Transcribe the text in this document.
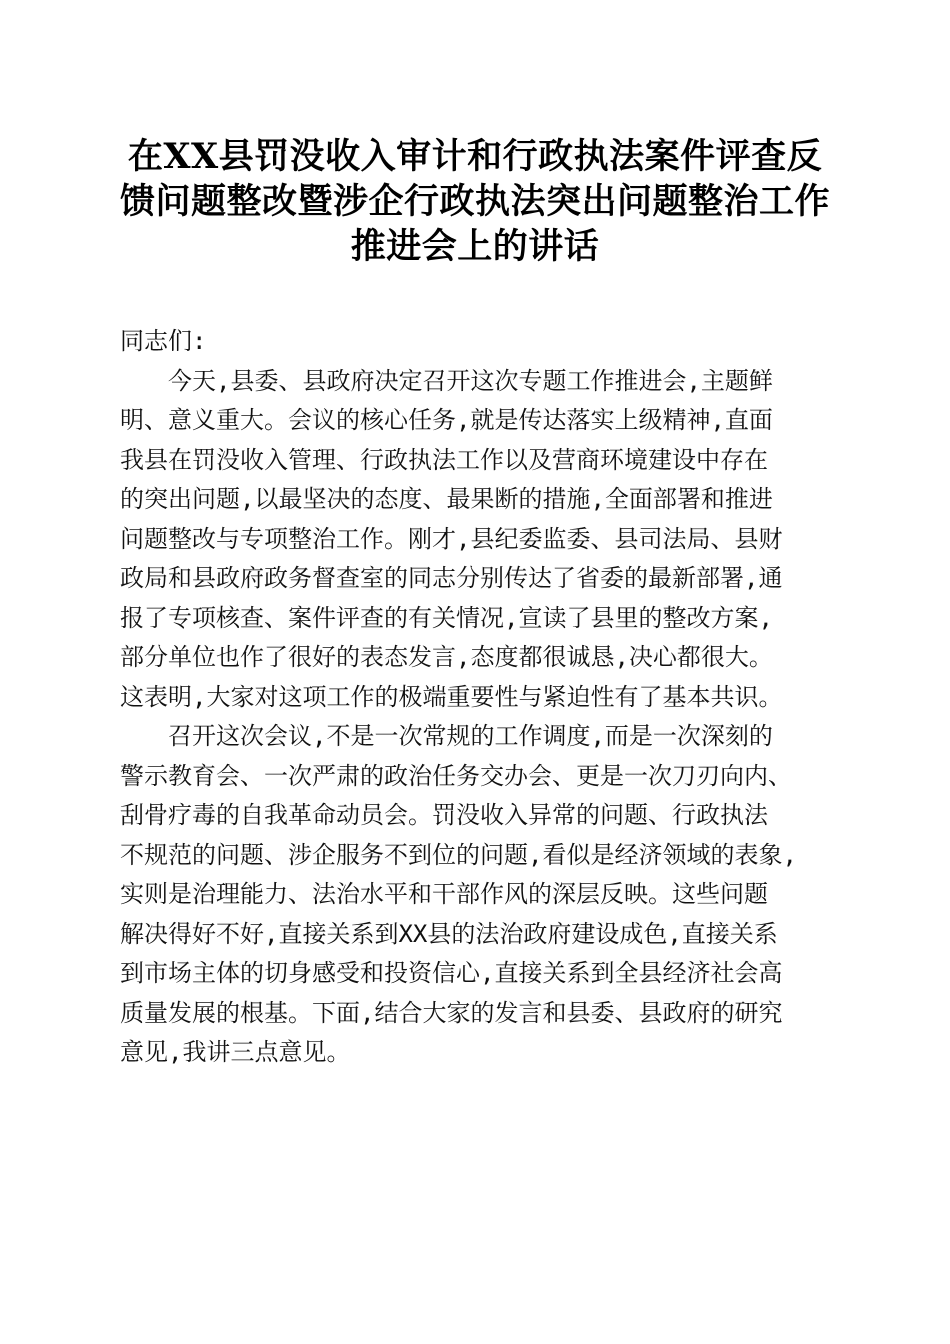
在XX县罚没收入审计和行政执法案件评查反
馈问题整改暨涉企行政执法突出问题整治工作
推进会上的讲话
同志们:
今天,县委、县政府决定召开这次专题工作推进会,主题鲜
明、意义重大。会议的核心任务,就是传达落实上级精神,直面
我县在罚没收入管理、行政执法工作以及营商环境建设中存在
的突出问题,以最坚决的态度、最果断的措施,全面部署和推进
问题整改与专项整治工作。刚才,县纪委监委、县司法局、县财
政局和县政府政务督查室的同志分别传达了省委的最新部署,通
报了专项核查、案件评查的有关情况,宣读了县里的整改方案,
部分单位也作了很好的表态发言,态度都很诚恳,决心都很大。
这表明,大家对这项工作的极端重要性与紧迫性有了基本共识。
召开这次会议,不是一次常规的工作调度,而是一次深刻的
警示教育会、一次严肃的政治任务交办会、更是一次刀刃向内、
刮骨疗毒的自我革命动员会。罚没收入异常的问题、行政执法
不规范的问题、涉企服务不到位的问题,看似是经济领域的表象,
实则是治理能力、法治水平和干部作风的深层反映。这些问题
解决得好不好,直接关系到XX县的法治政府建设成色,直接关系
到市场主体的切身感受和投资信心,直接关系到全县经济社会高
质量发展的根基。下面,结合大家的发言和县委、县政府的研究
意见,我讲三点意见。
